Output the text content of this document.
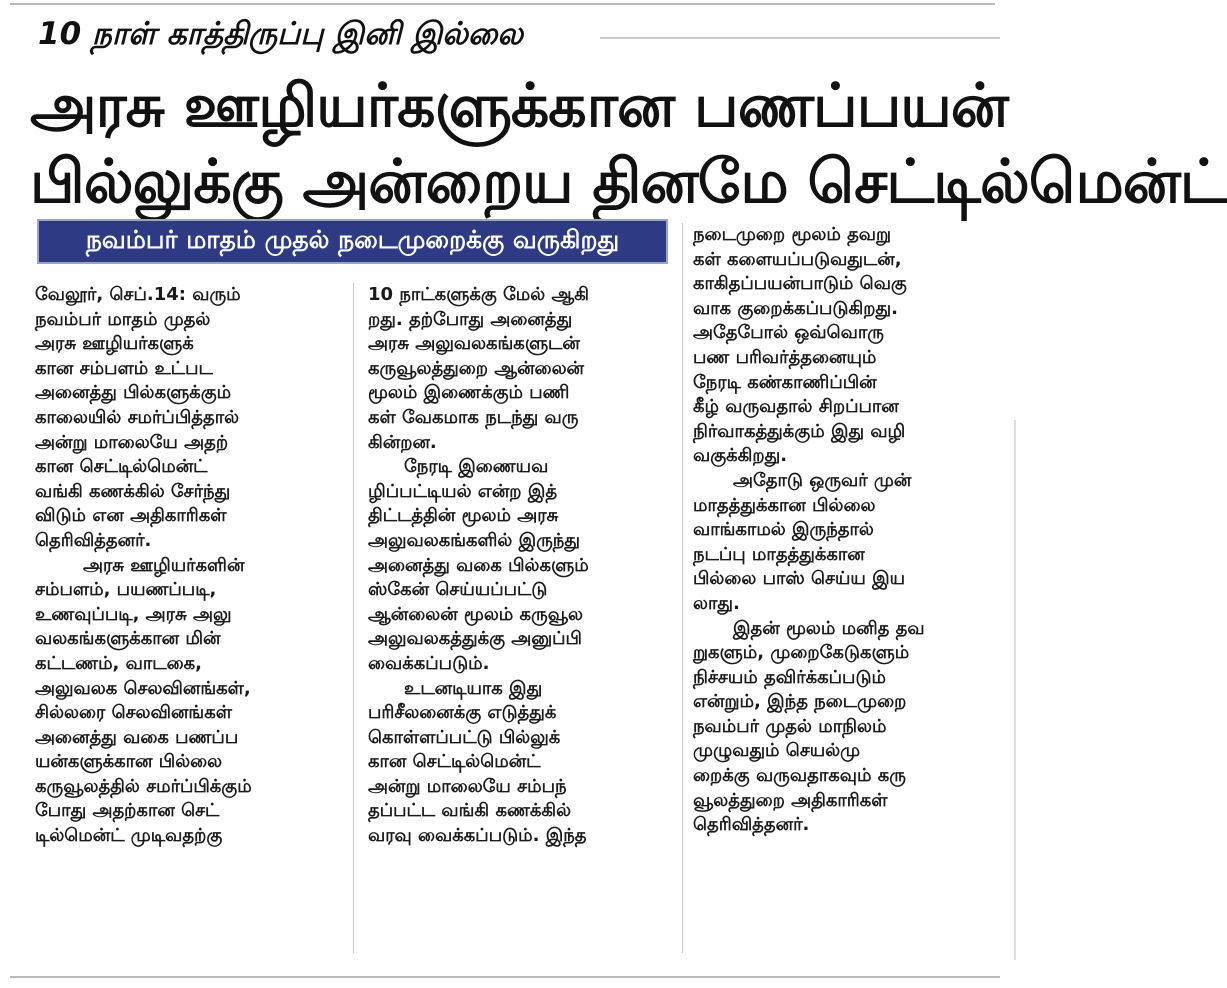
10 நாள் காத்திருப்பு இனி இல்லை
அரசு ஊழியர்களுக்கான பணப்பயன்
பில்லுக்கு அன்றைய தினமே செட்டில்மென்ட்
நவம்பர் மாதம் முதல் நடைமுறைக்கு வருகிறது

வேலூர், செப்.14: வரும்
நவம்பர் மாதம் முதல்
அரசு ஊழியர்களுக்
கான சம்பளம் உட்பட
அனைத்து பில்களுக்கும்
காலையில் சமர்ப்பித்தால்
அன்று மாலையே அதற்
கான செட்டில்மென்ட்
வங்கி கணக்கில் சேர்ந்து
விடும் என அதிகாரிகள்
தெரிவித்தனர்.

அரசு ஊழியர்களின்
சம்பளம், பயணப்படி,
உணவுப்படி, அரசு அலு
வலகங்களுக்கான மின்
கட்டணம், வாடகை,
அலுவலக செலவினங்கள்,
சில்லரை செலவினங்கள்
அனைத்து வகை பணப்ப
யன்களுக்கான பில்லை
கருவூலத்தில் சமர்ப்பிக்கும்
போது அதற்கான செட்
டில்மென்ட் முடிவதற்கு

10 நாட்களுக்கு மேல் ஆகி
றது. தற்போது அனைத்து
அரசு அலுவலகங்களுடன்
கருவூலத்துறை ஆன்லைன்
மூலம் இணைக்கும் பணி
கள் வேகமாக நடந்து வரு
கின்றன.

நேரடி இணையவ
ழிப்பட்டியல் என்ற இத்
திட்டத்தின் மூலம் அரசு
அலுவலகங்களில் இருந்து
அனைத்து வகை பில்களும்
ஸ்கேன் செய்யப்பட்டு
ஆன்லைன் மூலம் கருவூல
அலுவலகத்துக்கு அனுப்பி
வைக்கப்படும்.

உடனடியாக இது
பரிசீலனைக்கு எடுத்துக்
கொள்ளப்பட்டு பில்லுக்
கான செட்டில்மென்ட்
அன்று மாலையே சம்பந்
தப்பட்ட வங்கி கணக்கில்
வரவு வைக்கப்படும். இந்த

நடைமுறை மூலம் தவறு
கள் களையப்படுவதுடன்,
காகிதப்பயன்பாடும் வெகு
வாக குறைக்கப்படுகிறது.
அதேபோல் ஒவ்வொரு
பண பரிவர்த்தனையும்
நேரடி கண்காணிப்பின்
கீழ் வருவதால் சிறப்பான
நிர்வாகத்துக்கும் இது வழி
வகுக்கிறது.

அதோடு ஒருவர் முன்
மாதத்துக்கான பில்லை
வாங்காமல் இருந்தால்
நடப்பு மாதத்துக்கான
பில்லை பாஸ் செய்ய இய
லாது.

இதன் மூலம் மனித தவ
றுகளும், முறைகேடுகளும்
நிச்சயம் தவிர்க்கப்படும்
என்றும், இந்த நடைமுறை
நவம்பர் முதல் மாநிலம்
முழுவதும் செயல்மு
றைக்கு வருவதாகவும் கரு
வூலத்துறை அதிகாரிகள்
தெரிவித்தனர்.
